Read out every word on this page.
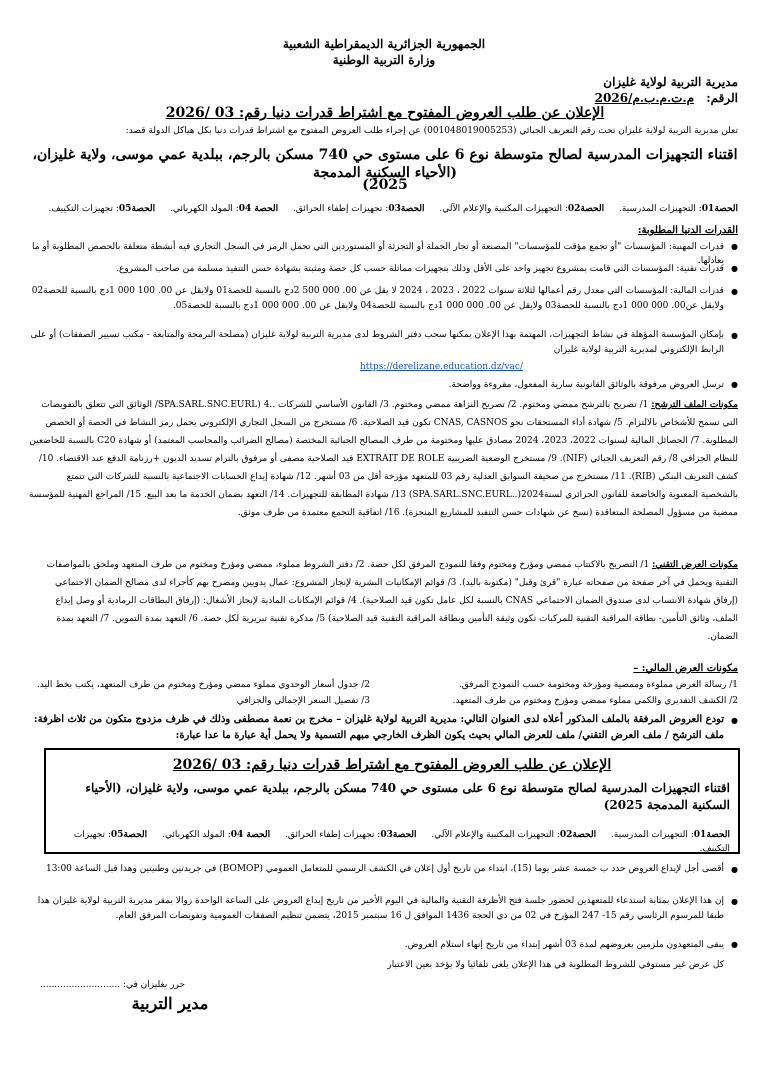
الجمهورية الجزائرية الديمقراطية الشعبية
وزارة التربية الوطنية
مديرية التربية لولاية غليزان
الرقم: م.ت.م.ب.م/2026
الإعلان عن طلب العروض المفتوح مع اشتراط قدرات دنيا رقم: 03 /2026
تعلن مديرية التربية لولاية غليزان تحت رقم التعريف الجبائي (001048019005253) عن إجراء طلب العروض المفتوح مع اشتراط قدرات دنيا بكل هياكل الدولة قصد:
اقتناء التجهيزات المدرسية لصالح متوسطة نوع 6 على مستوى حي 740 مسكن بالرجم، ببلدية عمي موسى، ولاية غليزان، (الأحياء السكنية المدمجة
2025)
الحصة01: التجهيزات المدرسية. الحصة02: التجهيزات المكتبية والإعلام الآلي. الحصة03: تجهيزات إطفاء الحرائق. الحصة 04: المولد الكهربائي. الحصة05: تجهيزات التكييف.
القدرات الدنيا المطلوبة:
● قدرات المهنية: المؤسسات "أو تجمع مؤقت للمؤسسات" المصنعة أو تجار الجملة أو التجزئة أو المستوردين التي تحمل الرمز في السجل التجاري فيه أنشطة متعلقة بالحصص المطلوبة أو ما يعادلها.
● قدرات تقنية: المؤسسات التي قامت بمشروع تجهيز واحد على الأقل وذلك بتجهيزات مماثلة حسب كل حصة ومثبتة بشهادة حسن التنفيذ مسلمة من صاحب المشروع.
● قدرات المالية: المؤسسات التي معدل رقم أعمالها لثلاثة سنوات 2022 ، 2023 ، 2024 لا يقل عن 00. 000 500 2دج بالنسبة للحصة01 ولايقل عن 00. 100 000 1دج بالنسبة للحصة02 ولايقل عن00. 000 000 1دج بالنسبة للحصة03 ولايقل عن 00. 000 000 1دج بالنسبة للحصة04 ولايقل عن 00. 000 000 1دج بالنسبة للحصة05.
● بإمكان المؤسسة المؤهلة في نشاط التجهيزات، المهتمة بهذا الإعلان يمكنها سحب دفتر الشروط لدى مديرية التربية لولاية غليزان (مصلحة البرمجة والمتابعة - مكتب تسيير الصفقات) أو على الرابط الإلكتروني لمديرية التربية لولاية غليزان
https://derelizane.education.dz/vac/
● ترسل العروض مرفوقة بالوثائق القانونية سارية المفعول، مقروءة وواضحة.
مكونات الملف الترشح: 1/ تصريح بالترشح ممضي ومختوم. 2/ تصريح النزاهة ممضي ومختوم. 3/ القانون الأساسي للشركات ..SPA.SARL.SNC.EURL) 4/ الوثائق التي تتعلق بالتفويضات التي تسمح للأشخاص بالالتزام. 5/ شهادة أداء المستحقات نحو CNAS, CASNOS تكون قيد الصلاحية. 6/ مستخرج من السجل التجاري الإلكتروني يحمل رمز النشاط في الحصة أو الحصص المطلوبة. 7/ الحصائل المالية لسنوات 2022، 2023، 2024 مصادق عليها ومختومة من طرف المصالح الجبائية المختصة (مصالح الضرائب والمحاسب المعتمد) أو شهادة C20 بالنسبة للخاضعين للنظام الجزافي 8/ رقم التعريف الجبائي (NIF). 9/ مستخرج الوضعية الضريبية EXTRAIT DE ROLE قيد الصلاحية مصفى أو مرفوق بالتزام تسديد الديون +رزنامة الدفع عند الاقتضاء. 10/ كشف التعريف البنكي (RIB). 11/ مستخرج من صحيفة السوابق العدلية رقم 03 للمتعهد مؤرخة أقل من 03 أشهر. 12/ شهادة إيداع الحسابات الاجتماعية بالنسبة للشركات التي تتمتع بالشخصية المعنوية والخاضعة للقانون الجزائري لسنة2024(..SPA.SARL.SNC.EURL) 13/ شهادة المطابقة للتجهيزات. 14/ التعهد بضمان الخدمة ما بعد البيع. 15/ المراجع المهنية للمؤسسة ممضية من مسؤول المصلحة المتعاقدة (نسخ عن شهادات حسن التنفيذ للمشاريع المنجزة). 16/ اتفاقية التجمع معتمدة من طرف موثق.
مكونات العرض التقني: 1/ التصريح بالاكتتاب ممضي ومؤرخ ومختوم وفقا للنموذج المرفق لكل حصة. 2/ دفتر الشروط مملوء، ممضي ومؤرخ ومختوم من طرف المتعهد وملحق بالمواصفات التقنية ويحمل في آخر صفحة من صفحاته عبارة "قرئ وقبل" (مكتوبة باليد). 3/ قوائم الإمكانيات البشرية لإنجاز المشروع: عمال يدويين ومصرح بهم كأجراء لدى مصالح الضمان الاجتماعي (إرفاق شهادة الانتساب لدى صندوق الضمان الاجتماعي CNAS بالنسبة لكل عامل تكون قيد الصلاحية). 4/ قوائم الإمكانات المادية لإنجاز الأشغال: (إرفاق البطاقات الرمادية أو وصل إيداع الملف، وثائق التأمين- بطاقة المراقبة التقنية للمركبات تكون وثيقة التأمين وبطاقة المراقبة التقنية قيد الصلاحية) 5/ مذكرة تقنية تبريرية لكل حصة. 6/ التعهد بمدة التموين. 7/ التعهد بمدة الضمان.
مكونات العرض المالي: –
1/ رسالة العرض مملوءة وممضية ومؤرخة ومختومة حسب النموذج المرفق.
2/ جدول أسعار الوحدوي مملوء ممضي ومؤرخ ومختوم من طرف المتعهد، يكتب بخط اليد.
2/ الكشف التقديري والكمي مملوء ممضي ومؤرخ ومختوم من طرف المتعهد.
3/ تفصيل السعر الإجمالي والجزافي
● تودع العروض المرفقة بالملف المذكور أعلاه لدى العنوان التالي: مديرية التربية لولاية غليزان – مخرج بن نعمة مصطفى وذلك في ظرف مزدوج متكون من ثلاث اظرفة: ملف الترشح / ملف العرض التقني/ ملف للعرض المالي بحيث يكون الظرف الخارجي مبهم التسمية ولا يحمل أية عبارة ما عدا عبارة:
الإعلان عن طلب العروض المفتوح مع اشتراط قدرات دنيا رقم: 03 /2026
اقتناء التجهيزات المدرسية لصالح متوسطة نوع 6 على مستوى حي 740 مسكن بالرجم، ببلدية عمي موسى، ولاية غليزان، (الأحياء السكنية المدمجة 2025)
الحصة01: التجهيزات المدرسية. الحصة02: التجهيزات المكتبية والإعلام الآلي. الحصة03: تجهيزات إطفاء الحرائق. الحصة 04: المولد الكهربائي. الحصة05: تجهيزات التكييف.
● أقصى أجل لإيداع العروض حدد ب خمسة عشر يوما (15)، ابتداء من تاريخ أول إعلان في الكشف الرسمي للمتعامل العمومي (BOMOP) في جريدتين وطنيتين وهذا قبل الساعة 13:00
● إن هذا الإعلان بمثابة استدعاء للمتعهدين لحضور جلسة فتح الأظرفة التقنية والمالية في اليوم الأخير من تاريخ إيداع العروض على الساعة الواحدة زوالا بمقر مديرية التربية لولاية غليزان هذا طبقا للمرسوم الرئاسي رقم 15- 247 المؤرخ في 02 من ذي الحجة 1436 الموافق ل 16 سبتمبر 2015، يتضمن تنظيم الصفقات العمومية وتفويضات المرفق العام.
● يبقى المتعهدون ملزمين بعروضهم لمدة 03 أشهر إبتداء من تاريخ إنهاء استلام العروض.
كل عرض غير مستوفي للشروط المطلوبة في هذا الإعلان يلغى تلقائيا ولا يؤخذ بعين الاعتبار
حرر بغليزان في: ............................
مدير التربية
